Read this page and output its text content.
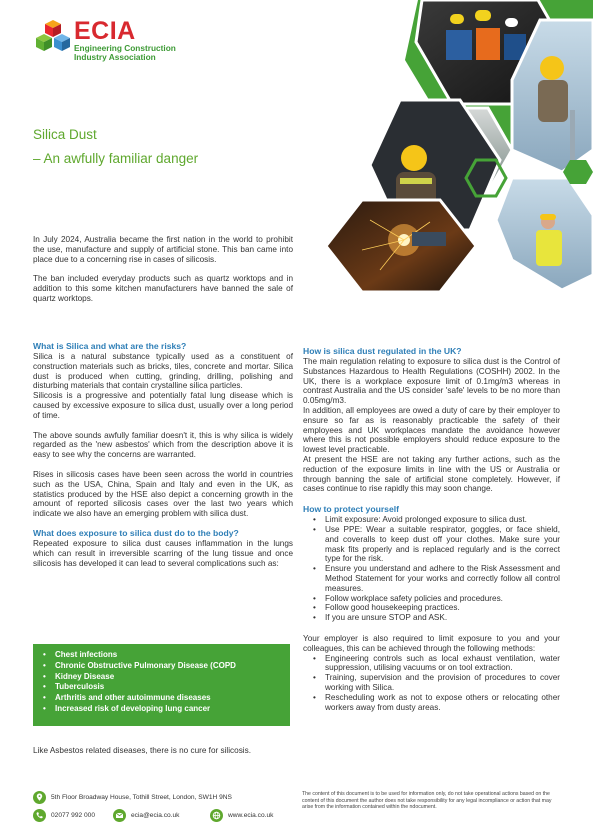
ECIA
Engineering Construction
Industry Association
Silica Dust
– An awfully familiar danger

In July 2024, Australia became the first nation in the world to prohibit the use, manufacture and supply of artificial stone. This ban came into place due to a concerning rise in cases of silicosis.

The ban included everyday products such as quartz worktops and in addition to this some kitchen manufacturers have banned the sale of quartz worktops.

What is Silica and what are the risks?

Silica is a natural substance typically used as a constituent of construction materials such as bricks, tiles, concrete and mortar. Silica dust is produced when cutting, grinding, drilling, polishing and disturbing materials that contain crystalline silica particles.

Silicosis is a progressive and potentially fatal lung disease which is caused by excessive exposure to silica dust, usually over a long period of time.

The above sounds awfully familiar doesn't it, this is why silica is widely regarded as the 'new asbestos' which from the description above it is easy to see why the concerns are warranted.

Rises in silicosis cases have been seen across the world in countries such as the USA, China, Spain and Italy and even in the UK, as statistics produced by the HSE also depict a concerning growth in the amount of reported silicosis cases over the last two years which indicate we also have an emerging problem with silica dust.

What does exposure to silica dust do to the body?

Repeated exposure to silica dust causes inflammation in the lungs which can result in irreversible scarring of the lung tissue and once silicosis has developed it can lead to several complications such as:

• Chest infections
• Chronic Obstructive Pulmonary Disease (COPD
• Kidney Disease
• Tuberculosis
• Arthritis and other autoimmune diseases
• Increased risk of developing lung cancer
Like Asbestos related diseases, there is no cure for silicosis.
How is silica dust regulated in the UK?

The main regulation relating to exposure to silica dust is the Control of Substances Hazardous to Health Regulations (COSHH) 2002. In the UK, there is a workplace exposure limit of 0.1mg/m3 whereas in contrast Australia and the US consider 'safe' levels to be no more than 0.05mg/m3.

In addition, all employees are owed a duty of care by their employer to ensure so far as is reasonably practicable the safety of their employees and UK workplaces mandate the avoidance however where this is not possible employers should reduce exposure to the lowest level practicable.

At present the HSE are not taking any further actions, such as the reduction of the exposure limits in line with the US or Australia or through banning the sale of artificial stone completely. However, if cases continue to rise rapidly this may soon change.

How to protect yourself
• Limit exposure: Avoid prolonged exposure to silica dust.
• Use PPE: Wear a suitable respirator, goggles, or face shield, and coveralls to keep dust off your clothes. Make sure your mask fits properly and is replaced regularly and is the correct type for the risk.
• Ensure you understand and adhere to the Risk Assessment and Method Statement for your works and correctly follow all control measures.
• Follow workplace safety policies and procedures.
• Follow good housekeeping practices.
• If you are unsure STOP and ASK.

Your employer is also required to limit exposure to you and your colleagues, this can be achieved through the following methods:

• Engineering controls such as local exhaust ventilation, water suppression, utilising vacuums or on tool extraction.
• Training, supervision and the provision of procedures to cover working with Silica.
• Rescheduling work as not to expose others or relocating other workers away from dusty areas.
5th Floor Broadway House, Tothill Street, London, SW1H 9NS
02077 992 000	ecia@ecia.co.uk	www.ecia.co.uk
The content of this document is to be used for information only, do not take operational actions based on the content of this document the author does not take responsibility for any legal incompliance or action that may arise from the information contained within the ndocument.
